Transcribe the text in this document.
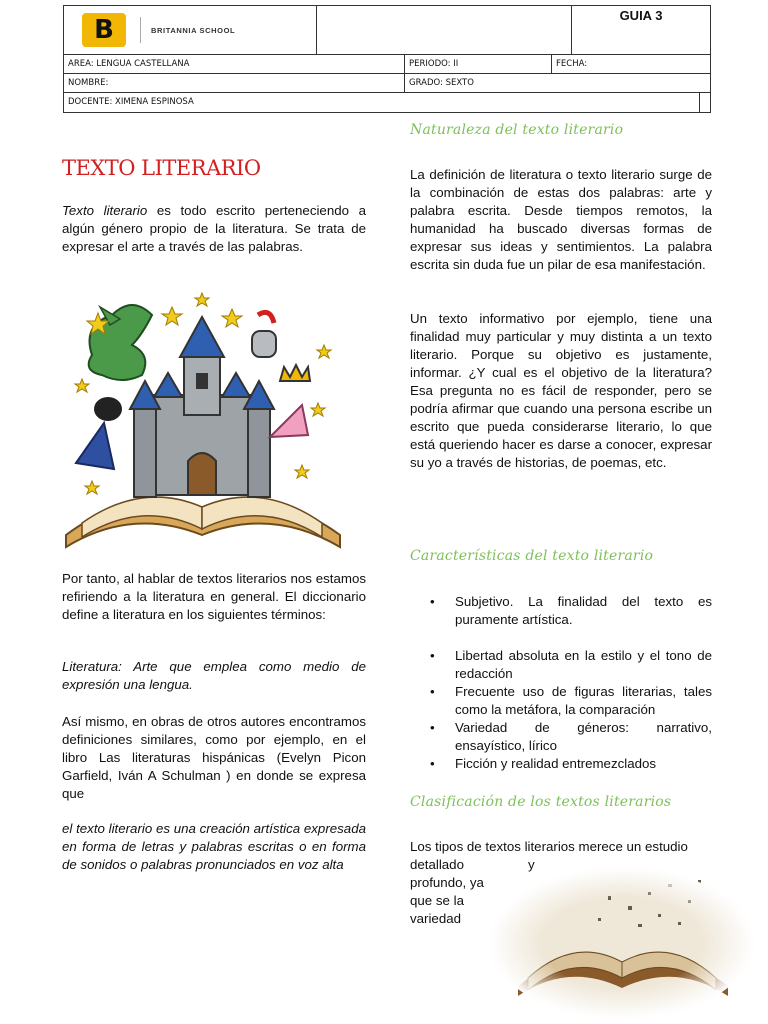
B	BRITANNIA SCHOOL
GUIA 3
AREA: LENGUA CASTELLANA	PERIODO: II	FECHA:
NOMBRE:	GRADO: SEXTO
DOCENTE: XIMENA ESPINOSA
TEXTO LITERARIO
Texto literario es todo escrito perteneciendo a algún género propio de la literatura. Se trata de expresar el arte a través de las palabras.
Por tanto, al hablar de textos literarios nos estamos refiriendo a la literatura en general. El diccionario define a literatura en los siguientes términos:
Literatura: Arte que emplea como medio de expresión una lengua.
Así mismo, en obras de otros autores encontramos definiciones similares, como por ejemplo, en el libro Las literaturas hispánicas (Evelyn Picon Garfield, Iván A Schulman ) en donde se expresa que
el texto literario es una creación artística expresada en forma de letras y palabras escritas o en forma de sonidos o palabras pronunciados en voz alta
Naturaleza del texto literario
La definición de literatura o texto literario surge de la combinación de estas dos palabras: arte y palabra escrita. Desde tiempos remotos, la humanidad ha buscado diversas formas de expresar sus ideas y sentimientos. La palabra escrita sin duda fue un pilar de esa manifestación.
Un texto informativo por ejemplo, tiene una finalidad muy particular y muy distinta a un texto literario. Porque su objetivo es justamente, informar. ¿Y cual es el objetivo de la literatura? Esa pregunta no es fácil de responder, pero se podría afirmar que cuando una persona escribe un escrito que pueda considerarse literario, lo que está queriendo hacer es darse a conocer, expresar su yo a través de historias, de poemas, etc.
Características del texto literario
• Subjetivo. La finalidad del texto es puramente artística.
• Libertad absoluta en la estilo y el tono de redacción
• Frecuente uso de figuras literarias, tales como la metáfora, la comparación
• Variedad de géneros: narrativo, ensayístico, lírico
• Ficción y realidad entremezclados
Clasificación de los textos literarios
Los tipos de textos literarios merece un estudio
detallado	y
profundo, ya
que se la
variedad
